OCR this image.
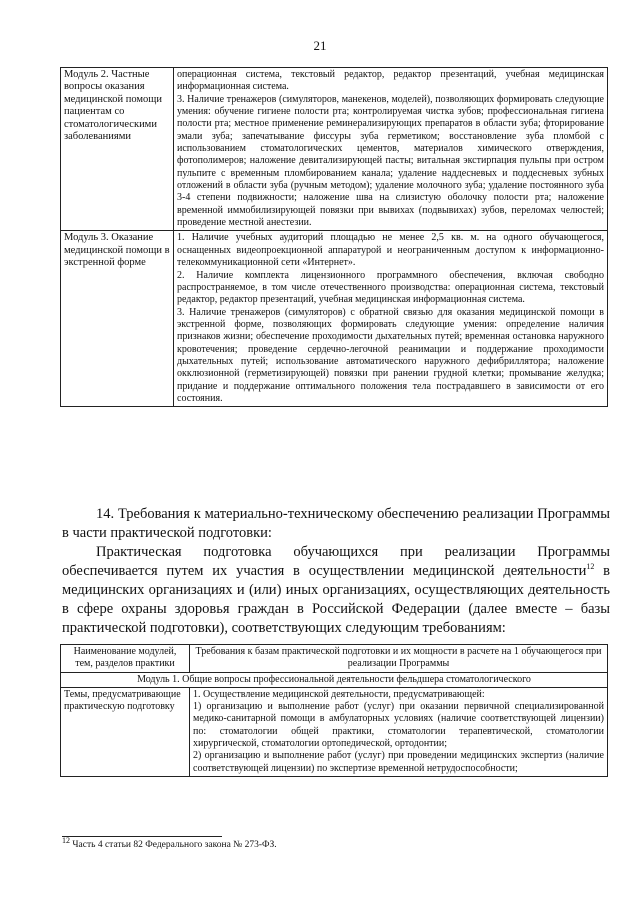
21
Модуль 2. Частные вопросы оказания медицинской помощи пациентам со стоматологическими заболеваниями	операционная система, текстовый редактор, редактор презентаций, учебная медицинская информационная система.
3. Наличие тренажеров (симуляторов, манекенов, моделей), позволяющих формировать следующие умения: обучение гигиене полости рта; контролируемая чистка зубов; профессиональная гигиена полости рта; местное применение реминерализирующих препаратов в области зуба; фторирование эмали зуба; запечатывание фиссуры зуба герметиком; восстановление зуба пломбой с использованием стоматологических цементов, материалов химического отверждения, фотополимеров; наложение девитализирующей пасты; витальная экстирпация пульпы при остром пульпите с временным пломбированием канала; удаление наддесневых и поддесневых зубных отложений в области зуба (ручным методом); удаление молочного зуба; удаление постоянного зуба 3-4 степени подвижности; наложение шва на слизистую оболочку полости рта; наложение временной иммобилизирующей повязки при вывихах (подвывихах) зубов, переломах челюстей; проведение местной анестезии.

Модуль 3. Оказание медицинской помощи в экстренной форме	1. Наличие учебных аудиторий площадью не менее 2,5 кв. м. на одного обучающегося, оснащенных видеопроекционной аппаратурой и неограниченным доступом к информационно-телекоммуникационной сети «Интернет».
2. Наличие комплекта лицензионного программного обеспечения, включая свободно распространяемое, в том числе отечественного производства: операционная система, текстовый редактор, редактор презентаций, учебная медицинская информационная система.
3. Наличие тренажеров (симуляторов) с обратной связью для оказания медицинской помощи в экстренной форме, позволяющих формировать следующие умения: определение наличия признаков жизни; обеспечение проходимости дыхательных путей; временная остановка наружного кровотечения; проведение сердечно-легочной реанимации и поддержание проходимости дыхательных путей; использование автоматического наружного дефибриллятора; наложение окклюзионной (герметизирующей) повязки при ранении грудной клетки; промывание желудка; придание и поддержание оптимального положения тела пострадавшего в зависимости от его состояния.
14. Требования к материально-техническому обеспечению реализации Программы в части практической подготовки:
Практическая подготовка обучающихся при реализации Программы обеспечивается путем их участия в осуществлении медицинской деятельности$^{12}$ в медицинских организациях и (или) иных организациях, осуществляющих деятельность в сфере охраны здоровья граждан в Российской Федерации (далее вместе – базы практической подготовки), соответствующих следующим требованиям:
Наименование модулей, тем, разделов практики	Требования к базам практической подготовки и их мощности в расчете на 1 обучающегося при реализации Программы
Модуль 1. Общие вопросы профессиональной деятельности фельдшера стоматологического	
Темы, предусматривающие практическую подготовку	1. Осуществление медицинской деятельности, предусматривающей:
1) организацию и выполнение работ (услуг) при оказании первичной специализированной медико-санитарной помощи в амбулаторных условиях (наличие соответствующей лицензии) по: стоматологии общей практики, стоматологии терапевтической, стоматологии хирургической, стоматологии ортопедической, ортодонтии;
2) организацию и выполнение работ (услуг) при проведении медицинских экспертиз (наличие соответствующей лицензии) по экспертизе временной нетрудоспособности;
$^{12}$ Часть 4 статьи 82 Федерального закона № 273-ФЗ.
